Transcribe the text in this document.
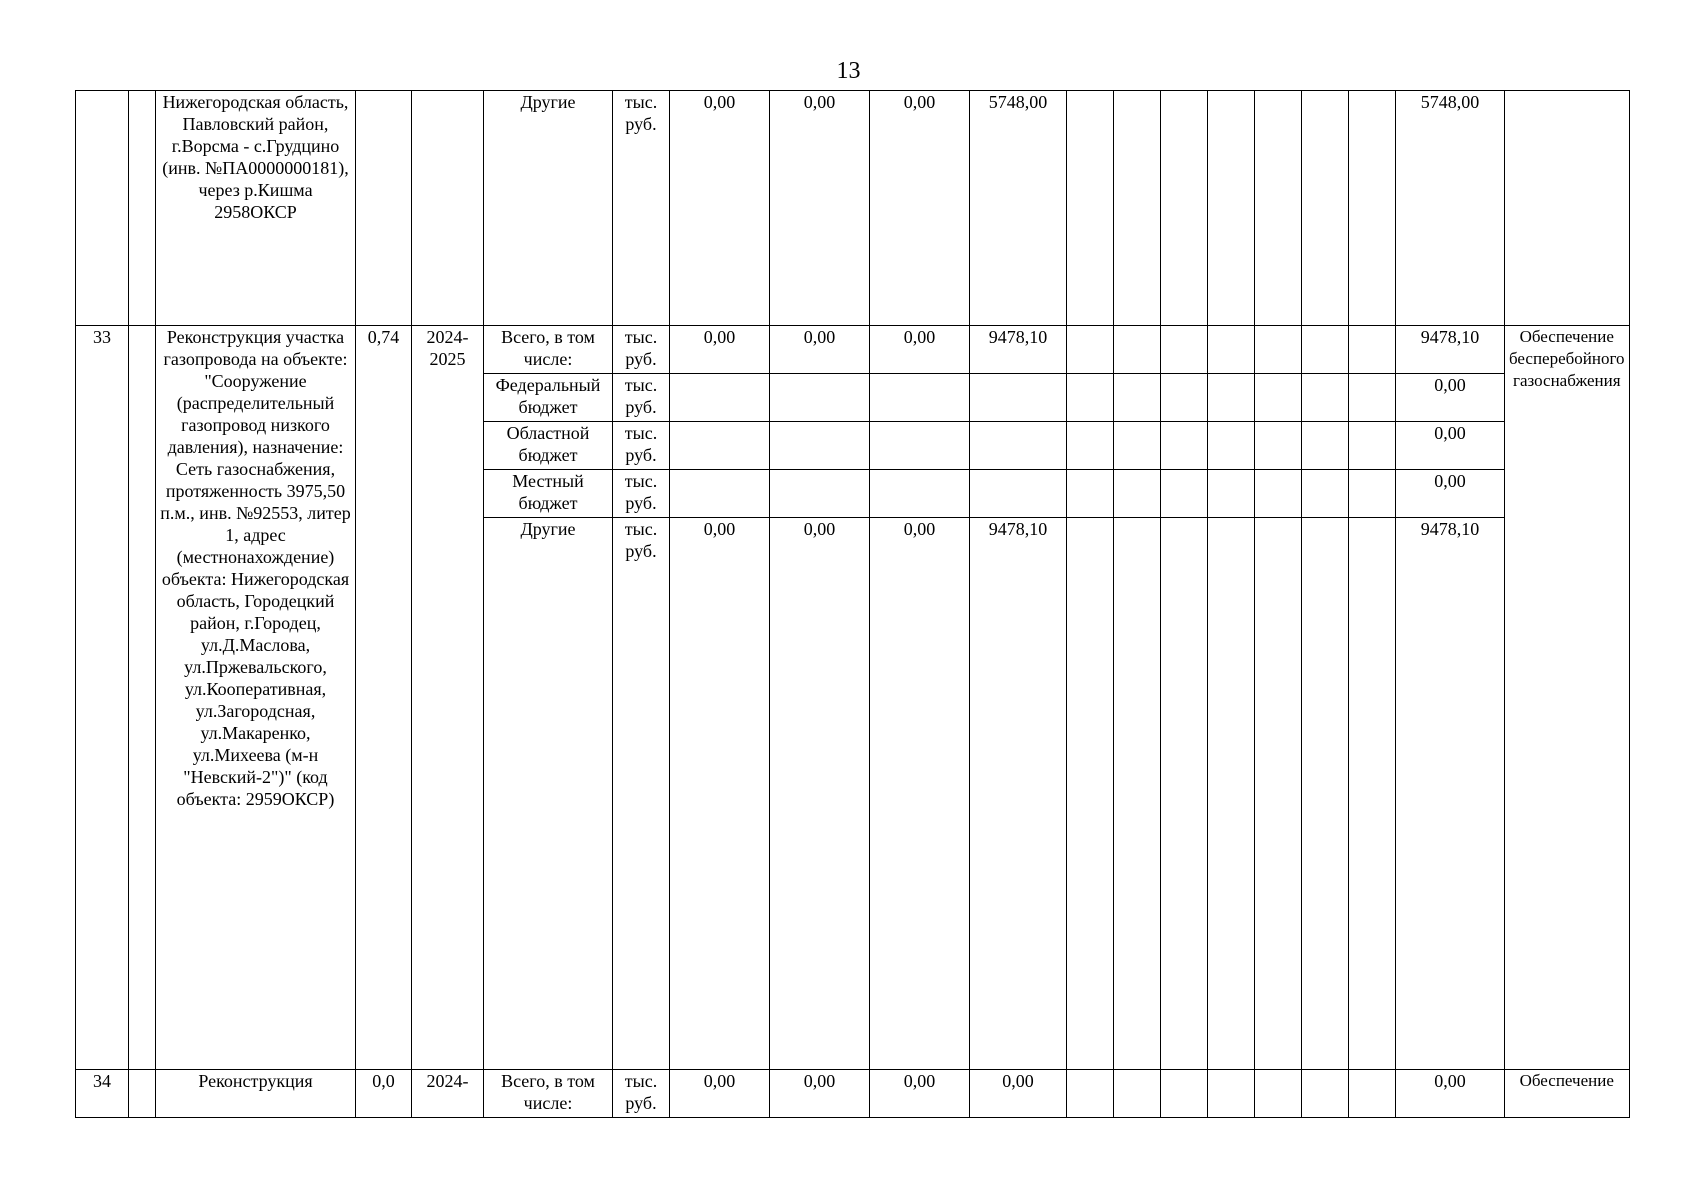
13
		Нижегородская область, Павловский район, г.Ворсма - с.Грудцино (инв. №ПА0000000181), через р.Кишма 2958ОКСР			Другие	тыс. руб.	0,00	0,00	0,00	5748,00								5748,00	
33		Реконструкция участка газопровода на объекте: "Сооружение (распределительный газопровод низкого давления), назначение: Сеть газоснабжения, протяженность 3975,50 п.м., инв. №92553, литер 1, адрес (местнонахождение) объекта: Нижегородская область, Городецкий район, г.Городец, ул.Д.Маслова, ул.Пржевальского, ул.Кооперативная, ул.Загородсная, ул.Макаренко, ул.Михеева (м-н "Невский-2")" (код объекта: 2959ОКСР)	0,74	2024-2025	Всего, в том числе:	тыс. руб.	0,00	0,00	0,00	9478,10								9478,10	Обеспечение бесперебойного газоснабжения
					Федеральный бюджет	тыс. руб.												0,00	
					Областной бюджет	тыс. руб.												0,00	
					Местный бюджет	тыс. руб.												0,00	
					Другие	тыс. руб.	0,00	0,00	0,00	9478,10								9478,10	
34		Реконструкция	0,0	2024-	Всего, в том числе:	тыс. руб.	0,00	0,00	0,00	0,00								0,00	Обеспечение
